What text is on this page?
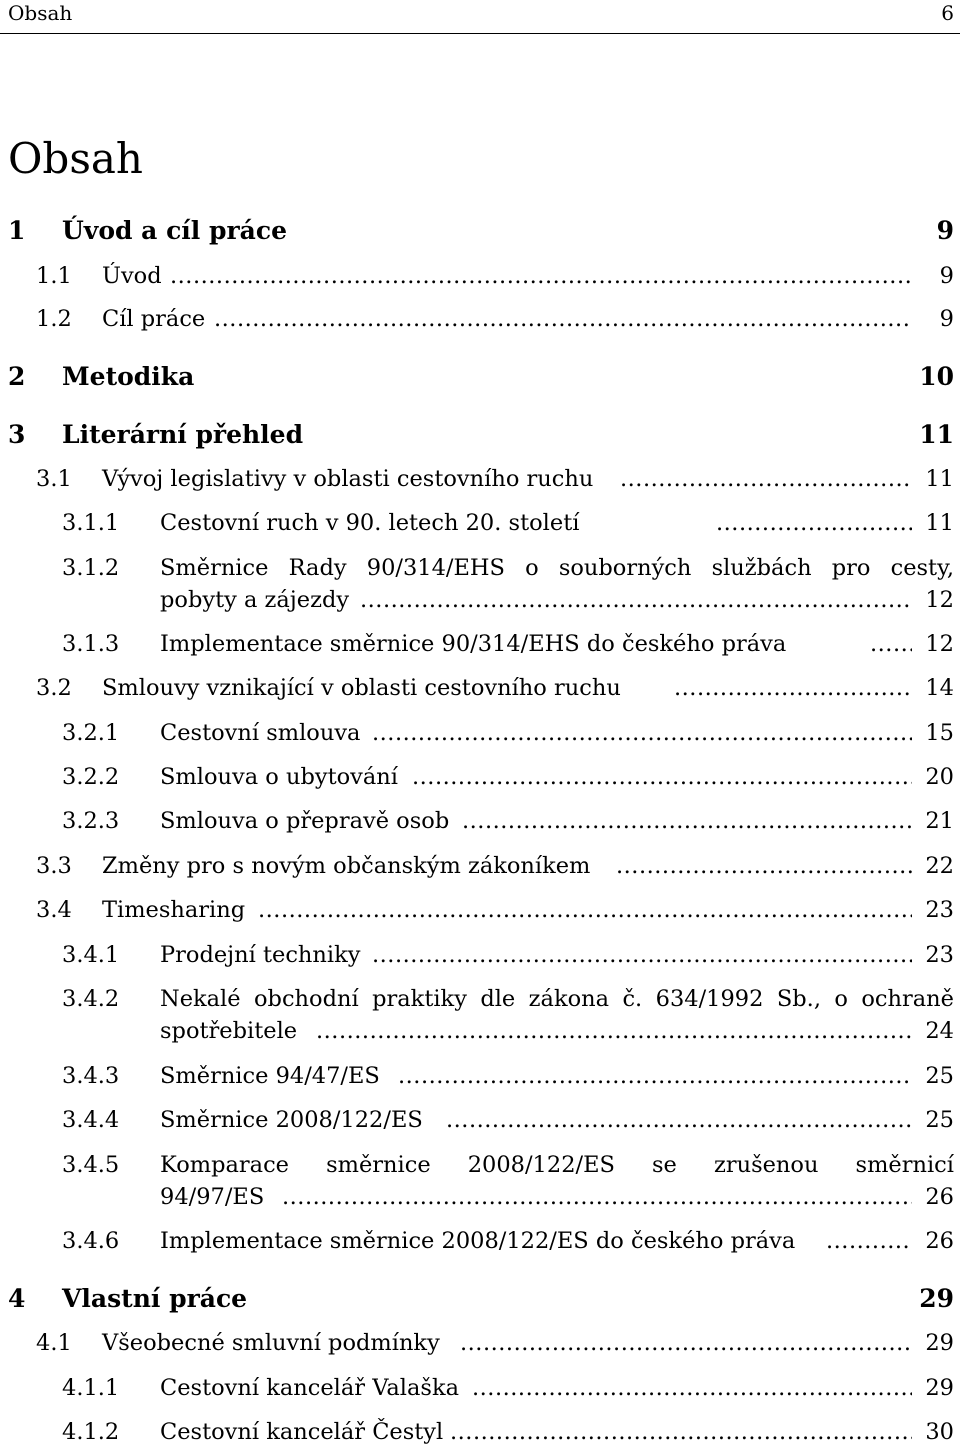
Obsah	6
Obsah
1 Úvod a cíl práce	9
1.1 Úvod .....	9
1.2 Cíl práce .....	9
2 Metodika	10
3 Literární přehled	11
3.1 Vývoj legislativy v oblasti cestovního ruchu .....	11
3.1.1 Cestovní ruch v 90. letech 20. století .....	11
3.1.2 Směrnice Rady 90/314/EHS o souborných službách pro cesty,
pobyty a zájezdy .....	12
3.1.3 Implementace směrnice 90/314/EHS do českého práva .....	12
3.2 Smlouvy vznikající v oblasti cestovního ruchu .....	14
3.2.1 Cestovní smlouva .....	15
3.2.2 Smlouva o ubytování .....	20
3.2.3 Smlouva o přepravě osob .....	21
3.3 Změny pro s novým občanským zákoníkem .....	22
3.4 Timesharing .....	23
3.4.1 Prodejní techniky .....	23
3.4.2 Nekalé obchodní praktiky dle zákona č. 634/1992 Sb., o ochraně
spotřebitele .....	24
3.4.3 Směrnice 94/47/ES .....	25
3.4.4 Směrnice 2008/122/ES .....	25
3.4.5 Komparace směrnice 2008/122/ES se zrušenou směrnicí
94/97/ES .....	26
3.4.6 Implementace směrnice 2008/122/ES do českého práva .....	26
4 Vlastní práce	29
4.1 Všeobecné smluvní podmínky .....	29
4.1.1 Cestovní kancelář Valaška .....	29
4.1.2 Cestovní kancelář Čestyl .....	30
